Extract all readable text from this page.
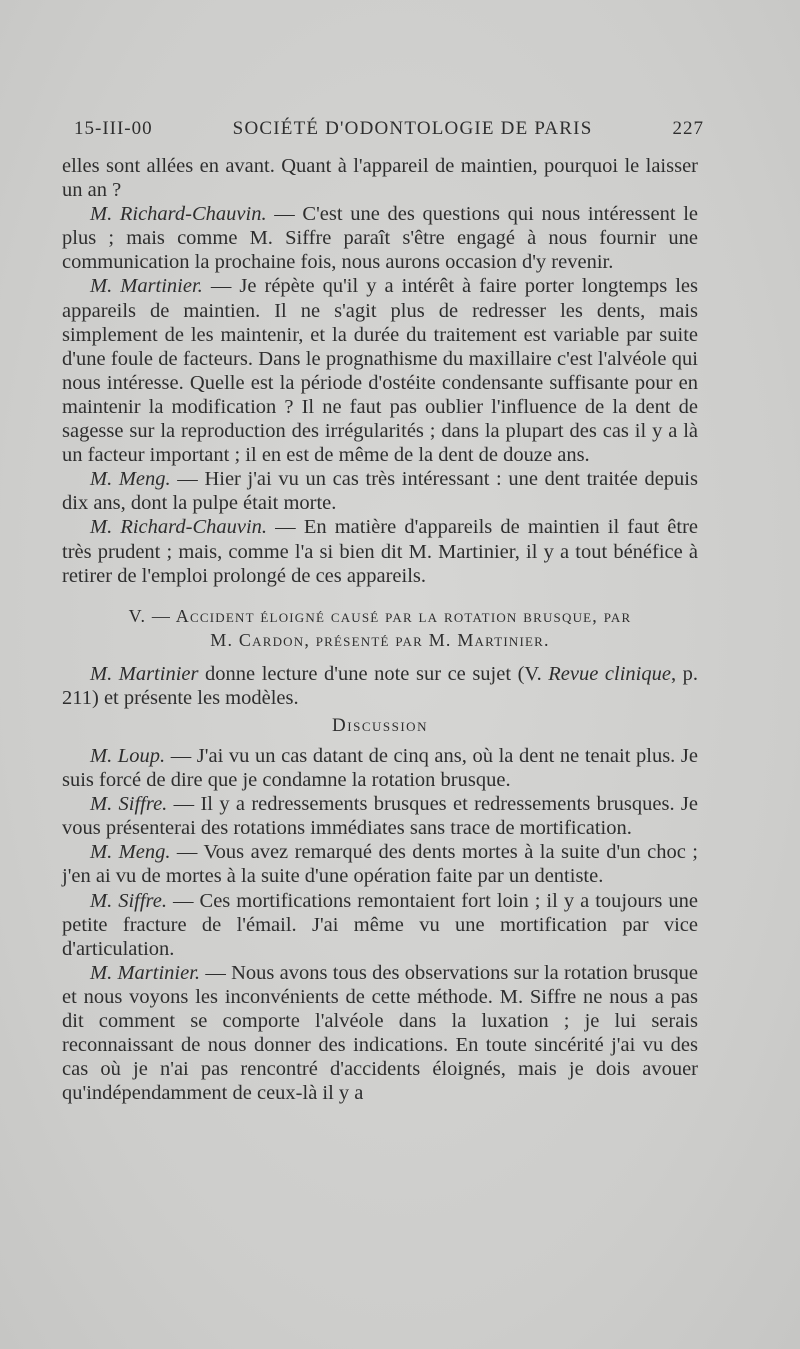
15-III-00	SOCIÉTÉ D'ODONTOLOGIE DE PARIS	227

elles sont allées en avant. Quant à l'appareil de maintien, pourquoi le laisser un an ?

M. Richard-Chauvin. — C'est une des questions qui nous intéressent le plus ; mais comme M. Siffre paraît s'être engagé à nous fournir une communication la prochaine fois, nous aurons occasion d'y revenir.

M. Martinier. — Je répète qu'il y a intérêt à faire porter longtemps les appareils de maintien. Il ne s'agit plus de redresser les dents, mais simplement de les maintenir, et la durée du traitement est variable par suite d'une foule de facteurs. Dans le prognathisme du maxillaire c'est l'alvéole qui nous intéresse. Quelle est la période d'ostéite condensante suffisante pour en maintenir la modification ? Il ne faut pas oublier l'influence de la dent de sagesse sur la reproduction des irrégularités ; dans la plupart des cas il y a là un facteur important ; il en est de même de la dent de douze ans.

M. Meng. — Hier j'ai vu un cas très intéressant : une dent traitée depuis dix ans, dont la pulpe était morte.

M. Richard-Chauvin. — En matière d'appareils de maintien il faut être très prudent ; mais, comme l'a si bien dit M. Martinier, il y a tout bénéfice à retirer de l'emploi prolongé de ces appareils.

V. — Accident éloigné causé par la rotation brusque, par
M. Cardon, présenté par M. Martinier.

M. Martinier donne lecture d'une note sur ce sujet (V. Revue clinique, p. 211) et présente les modèles.

Discussion

M. Loup. — J'ai vu un cas datant de cinq ans, où la dent ne tenait plus. Je suis forcé de dire que je condamne la rotation brusque.

M. Siffre. — Il y a redressements brusques et redressements brusques. Je vous présenterai des rotations immédiates sans trace de mortification.

M. Meng. — Vous avez remarqué des dents mortes à la suite d'un choc ; j'en ai vu de mortes à la suite d'une opération faite par un dentiste.

M. Siffre. — Ces mortifications remontaient fort loin ; il y a toujours une petite fracture de l'émail. J'ai même vu une mortification par vice d'articulation.

M. Martinier. — Nous avons tous des observations sur la rotation brusque et nous voyons les inconvénients de cette méthode. M. Siffre ne nous a pas dit comment se comporte l'alvéole dans la luxation ; je lui serais reconnaissant de nous donner des indications. En toute sincérité j'ai vu des cas où je n'ai pas rencontré d'accidents éloignés, mais je dois avouer qu'indépendamment de ceux-là il y a
